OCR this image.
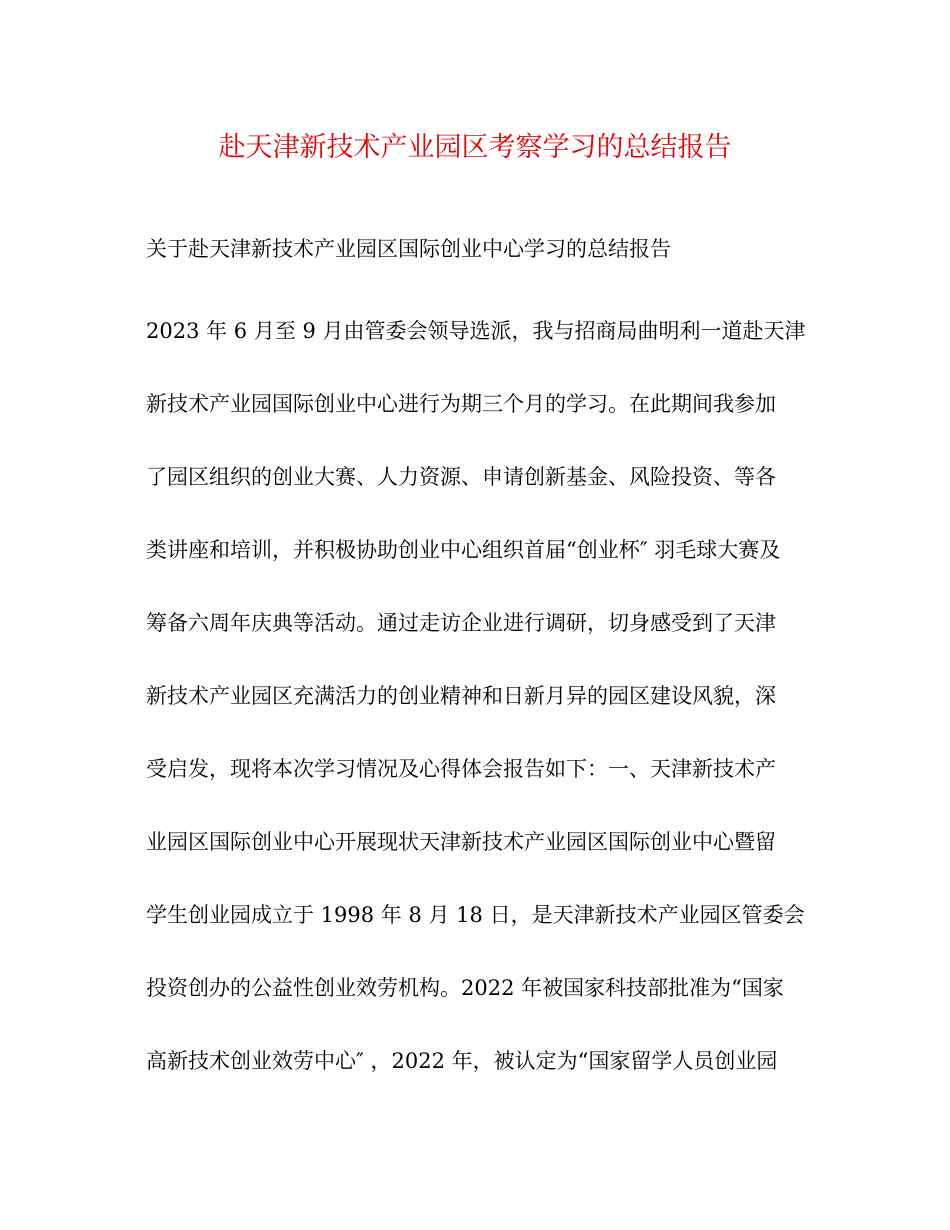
赴天津新技术产业园区考察学习的总结报告
关于赴天津新技术产业园区国际创业中心学习的总结报告
2023 年 6 月至 9 月由管委会领导选派，我与招商局曲明利一道赴天津
新技术产业园国际创业中心进行为期三个月的学习。在此期间我参加
了园区组织的创业大赛、人力资源、申请创新基金、风险投资、等各
类讲座和培训，并积极协助创业中心组织首届“创业杯″ 羽毛球大赛及
筹备六周年庆典等活动。通过走访企业进行调研，切身感受到了天津
新技术产业园区充满活力的创业精神和日新月异的园区建设风貌，深
受启发，现将本次学习情况及心得体会报告如下：一、天津新技术产
业园区国际创业中心开展现状天津新技术产业园区国际创业中心暨留
学生创业园成立于 1998 年 8 月 18 日，是天津新技术产业园区管委会
投资创办的公益性创业效劳机构。2022 年被国家科技部批准为“国家
高新技术创业效劳中心″ ，2022 年，被认定为“国家留学人员创业园
